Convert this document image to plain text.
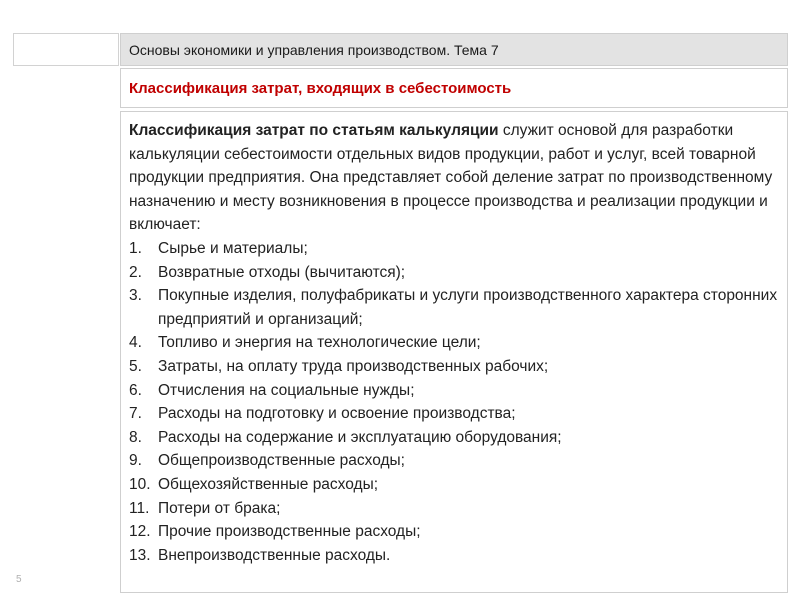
Основы экономики и управления производством. Тема 7
Классификация затрат, входящих в себестоимость

Классификация затрат по статьям калькуляции служит основой для разработки калькуляции себестоимости отдельных видов продукции, работ и услуг, всей товарной продукции предприятия. Она представляет собой деление затрат по производственному назначению и месту возникновения в процессе производства и реализации продукции и включает:

1.	Сырье и материалы;
2.	Возвратные отходы (вычитаются);
3.	Покупные изделия, полуфабрикаты и услуги производственного характера сторонних предприятий и организаций;
4.	Топливо и энергия на технологические цели;
5.	Затраты, на оплату труда производственных рабочих;
6.	Отчисления на социальные нужды;
7.	Расходы на подготовку и освоение производства;
8.	Расходы на содержание и эксплуатацию оборудования;
9.	Общепроизводственные расходы;
10. Общехозяйственные расходы;
11. Потери от брака;
12. Прочие производственные расходы;
13. Внепроизводственные расходы.
5
